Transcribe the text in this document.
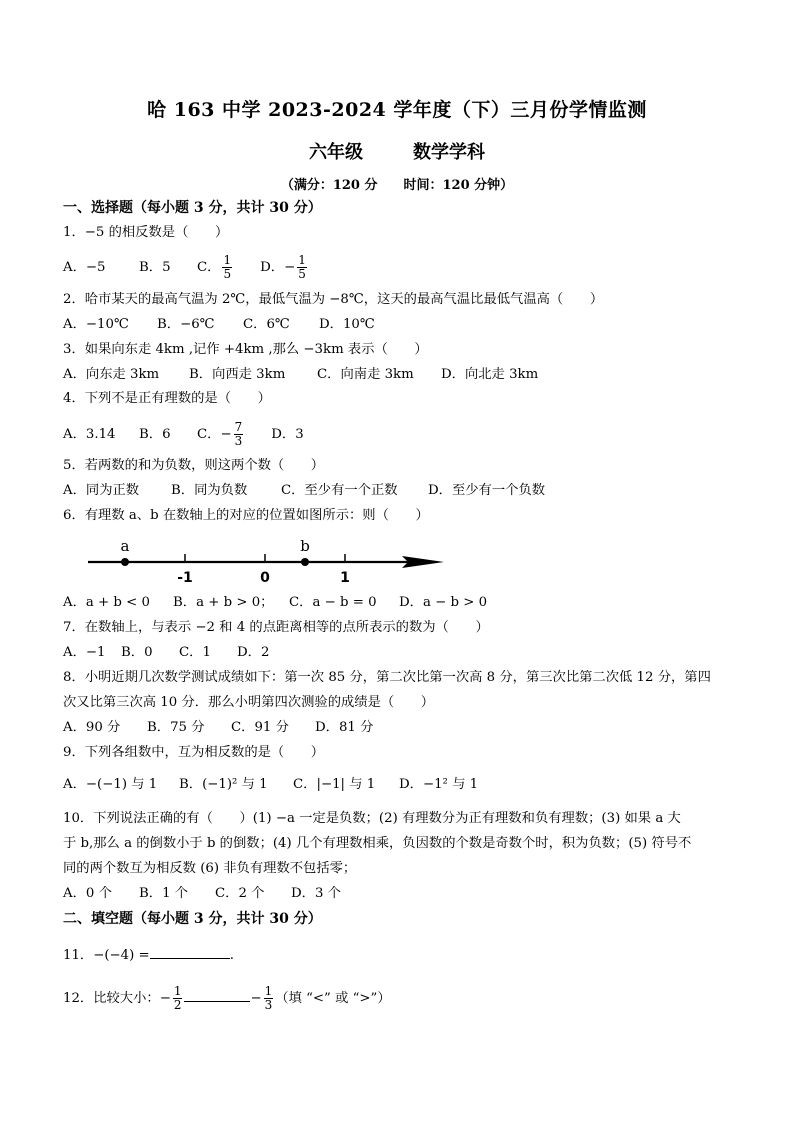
哈 163 中学 2023-2024 学年度（下）三月份学情监测
六年级	数学学科
（满分：120 分 时间：120 分钟）
一、选择题（每小题 3 分，共计 30 分）
1．−5 的相反数是（　　）
A．−5	B．5 C． $\frac{1}{5}$ D．− $\frac{1}{5}$
2．哈市某天的最高气温为 2℃，最低气温为 −8℃，这天的最高气温比最低气温高（　　）
A．−10℃ B．−6℃ C．6℃ D．10℃
3．如果向东走 4km ,记作 +4km ,那么 −3km 表示（　　）
A．向东走 3km B．向西走 3km C．向南走 3km D．向北走 3km
4．下列不是正有理数的是（　　）
A．3.14 B．6 C．− $\frac{7}{3}$ D．3
5．若两数的和为负数，则这两个数（　　）
A．同为正数 B．同为负数	C．至少有一个正数 D．至少有一个负数
6．有理数 a、b 在数轴上的对应的位置如图所示：则（　　）
-1	0	1
a	b
A．a + b < 0 B．a + b > 0； C．a − b = 0 D．a − b > 0
7．在数轴上，与表示 −2 和 4 的点距离相等的点所表示的数为（　　）
A．−1 B．0 C．1 D．2
8．小明近期几次数学测试成绩如下：第一次 85 分，第二次比第一次高 8 分，第三次比第二次低 12 分，第四
次又比第三次高 10 分．那么小明第四次测验的成绩是（　　）
A．90 分 B．75 分 C．91 分 D．81 分
9．下列各组数中，互为相反数的是（　　）
A．−(−1) 与 1 B．(−1)² 与 1 C．|−1| 与 1 D．−1² 与 1
10．下列说法正确的有（　　）(1) −a 一定是负数；(2) 有理数分为正有理数和负有理数；(3) 如果 a 大
于 b,那么 a 的倒数小于 b 的倒数；(4) 几个有理数相乘，负因数的个数是奇数个时，积为负数；(5) 符号不
同的两个数互为相反数 (6) 非负有理数不包括零；
A．0 个 B．1 个 C．2 个 D．3 个
二、填空题（每小题 3 分，共计 30 分）
11．−(−4) =	.
12．比较大小：− $\frac{1}{2}$	− $\frac{1}{3}$ （填 “<” 或 “>”）
